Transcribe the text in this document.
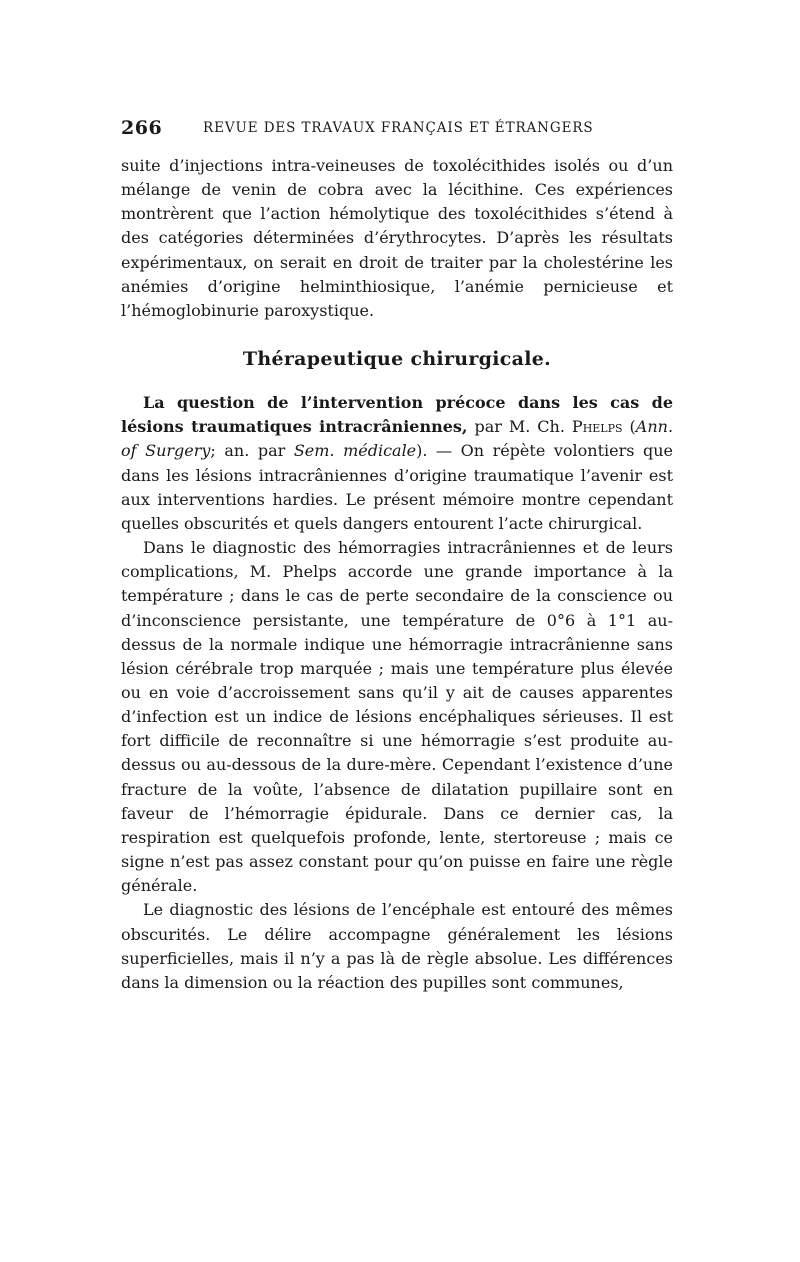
266	REVUE DES TRAVAUX FRANÇAIS ET ÉTRANGERS

suite d’injections intra-veineuses de toxolécithides isolés ou d’un mélange de venin de cobra avec la lécithine. Ces expériences montrèrent que l’action hémolytique des toxolécithides s’étend à des catégories déterminées d’érythrocytes. D’après les résultats expérimentaux, on serait en droit de traiter par la cholestérine les anémies d’origine helminthiosique, l’anémie pernicieuse et l’hémoglobinurie paroxystique.

Thérapeutique chirurgicale.

La question de l’intervention précoce dans les cas de lésions traumatiques intracrâniennes, par M. Ch. Phelps (Ann. of Surgery; an. par Sem. médicale). — On répète volontiers que dans les lésions intracrâniennes d’origine traumatique l’avenir est aux interventions hardies. Le présent mémoire montre cependant quelles obscurités et quels dangers entourent l’acte chirurgical.

Dans le diagnostic des hémorragies intracrâniennes et de leurs complications, M. Phelps accorde une grande importance à la température ; dans le cas de perte secondaire de la conscience ou d’inconscience persistante, une température de 0°6 à 1°1 au-dessus de la normale indique une hémorragie intracrânienne sans lésion cérébrale trop marquée ; mais une température plus élevée ou en voie d’accroissement sans qu’il y ait de causes apparentes d’infection est un indice de lésions encéphaliques sérieuses. Il est fort difficile de reconnaître si une hémorragie s’est produite au-dessus ou au-dessous de la dure-mère. Cependant l’existence d’une fracture de la voûte, l’absence de dilatation pupillaire sont en faveur de l’hémorragie épidurale. Dans ce dernier cas, la respiration est quelquefois profonde, lente, stertoreuse ; mais ce signe n’est pas assez constant pour qu’on puisse en faire une règle générale.

Le diagnostic des lésions de l’encéphale est entouré des mêmes obscurités. Le délire accompagne généralement les lésions superficielles, mais il n’y a pas là de règle absolue. Les différences dans la dimension ou la réaction des pupilles sont communes,
